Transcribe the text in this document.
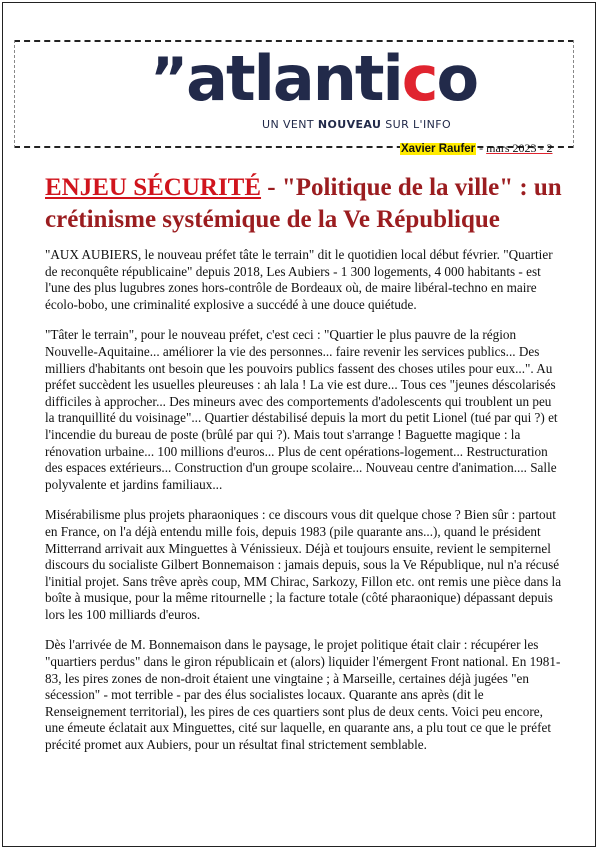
”atlantico
UN VENT NOUVEAU SUR L'INFO
Xavier Raufer - mars 2023 - 2
ENJEU SÉCURITÉ - "Politique de la ville" : un crétinisme systémique de la Ve République

"AUX AUBIERS, le nouveau préfet tâte le terrain" dit le quotidien local début février. "Quartier de reconquête républicaine" depuis 2018, Les Aubiers - 1 300 logements, 4 000 habitants - est l'une des plus lugubres zones hors-contrôle de Bordeaux où, de maire libéral-techno en maire écolo-bobo, une criminalité explosive a succédé à une douce quiétude.

"Tâter le terrain", pour le nouveau préfet, c'est ceci : "Quartier le plus pauvre de la région Nouvelle-Aquitaine... améliorer la vie des personnes... faire revenir les services publics... Des milliers d'habitants ont besoin que les pouvoirs publics fassent des choses utiles pour eux...". Au préfet succèdent les usuelles pleureuses : ah lala ! La vie est dure... Tous ces "jeunes déscolarisés difficiles à approcher... Des mineurs avec des comportements d'adolescents qui troublent un peu la tranquillité du voisinage"... Quartier déstabilisé depuis la mort du petit Lionel (tué par qui ?) et l'incendie du bureau de poste (brûlé par qui ?). Mais tout s'arrange ! Baguette magique : la rénovation urbaine... 100 millions d'euros... Plus de cent opérations-logement... Restructuration des espaces extérieurs... Construction d'un groupe scolaire... Nouveau centre d'animation.... Salle polyvalente et jardins familiaux...

Misérabilisme plus projets pharaoniques : ce discours vous dit quelque chose ? Bien sûr : partout en France, on l'a déjà entendu mille fois, depuis 1983 (pile quarante ans...), quand le président Mitterrand arrivait aux Minguettes à Vénissieux. Déjà et toujours ensuite, revient le sempiternel discours du socialiste Gilbert Bonnemaison : jamais depuis, sous la Ve République, nul n'a récusé l'initial projet. Sans trêve après coup, MM Chirac, Sarkozy, Fillon etc. ont remis une pièce dans la boîte à musique, pour la même ritournelle ; la facture totale (côté pharaonique) dépassant depuis lors les 100 milliards d'euros.

Dès l'arrivée de M. Bonnemaison dans le paysage, le projet politique était clair : récupérer les "quartiers perdus" dans le giron républicain et (alors) liquider l'émergent Front national. En 1981-83, les pires zones de non-droit étaient une vingtaine ; à Marseille, certaines déjà jugées "en sécession" - mot terrible - par des élus socialistes locaux. Quarante ans après (dit le Renseignement territorial), les pires de ces quartiers sont plus de deux cents. Voici peu encore, une émeute éclatait aux Minguettes, cité sur laquelle, en quarante ans, a plu tout ce que le préfet précité promet aux Aubiers, pour un résultat final strictement semblable.
